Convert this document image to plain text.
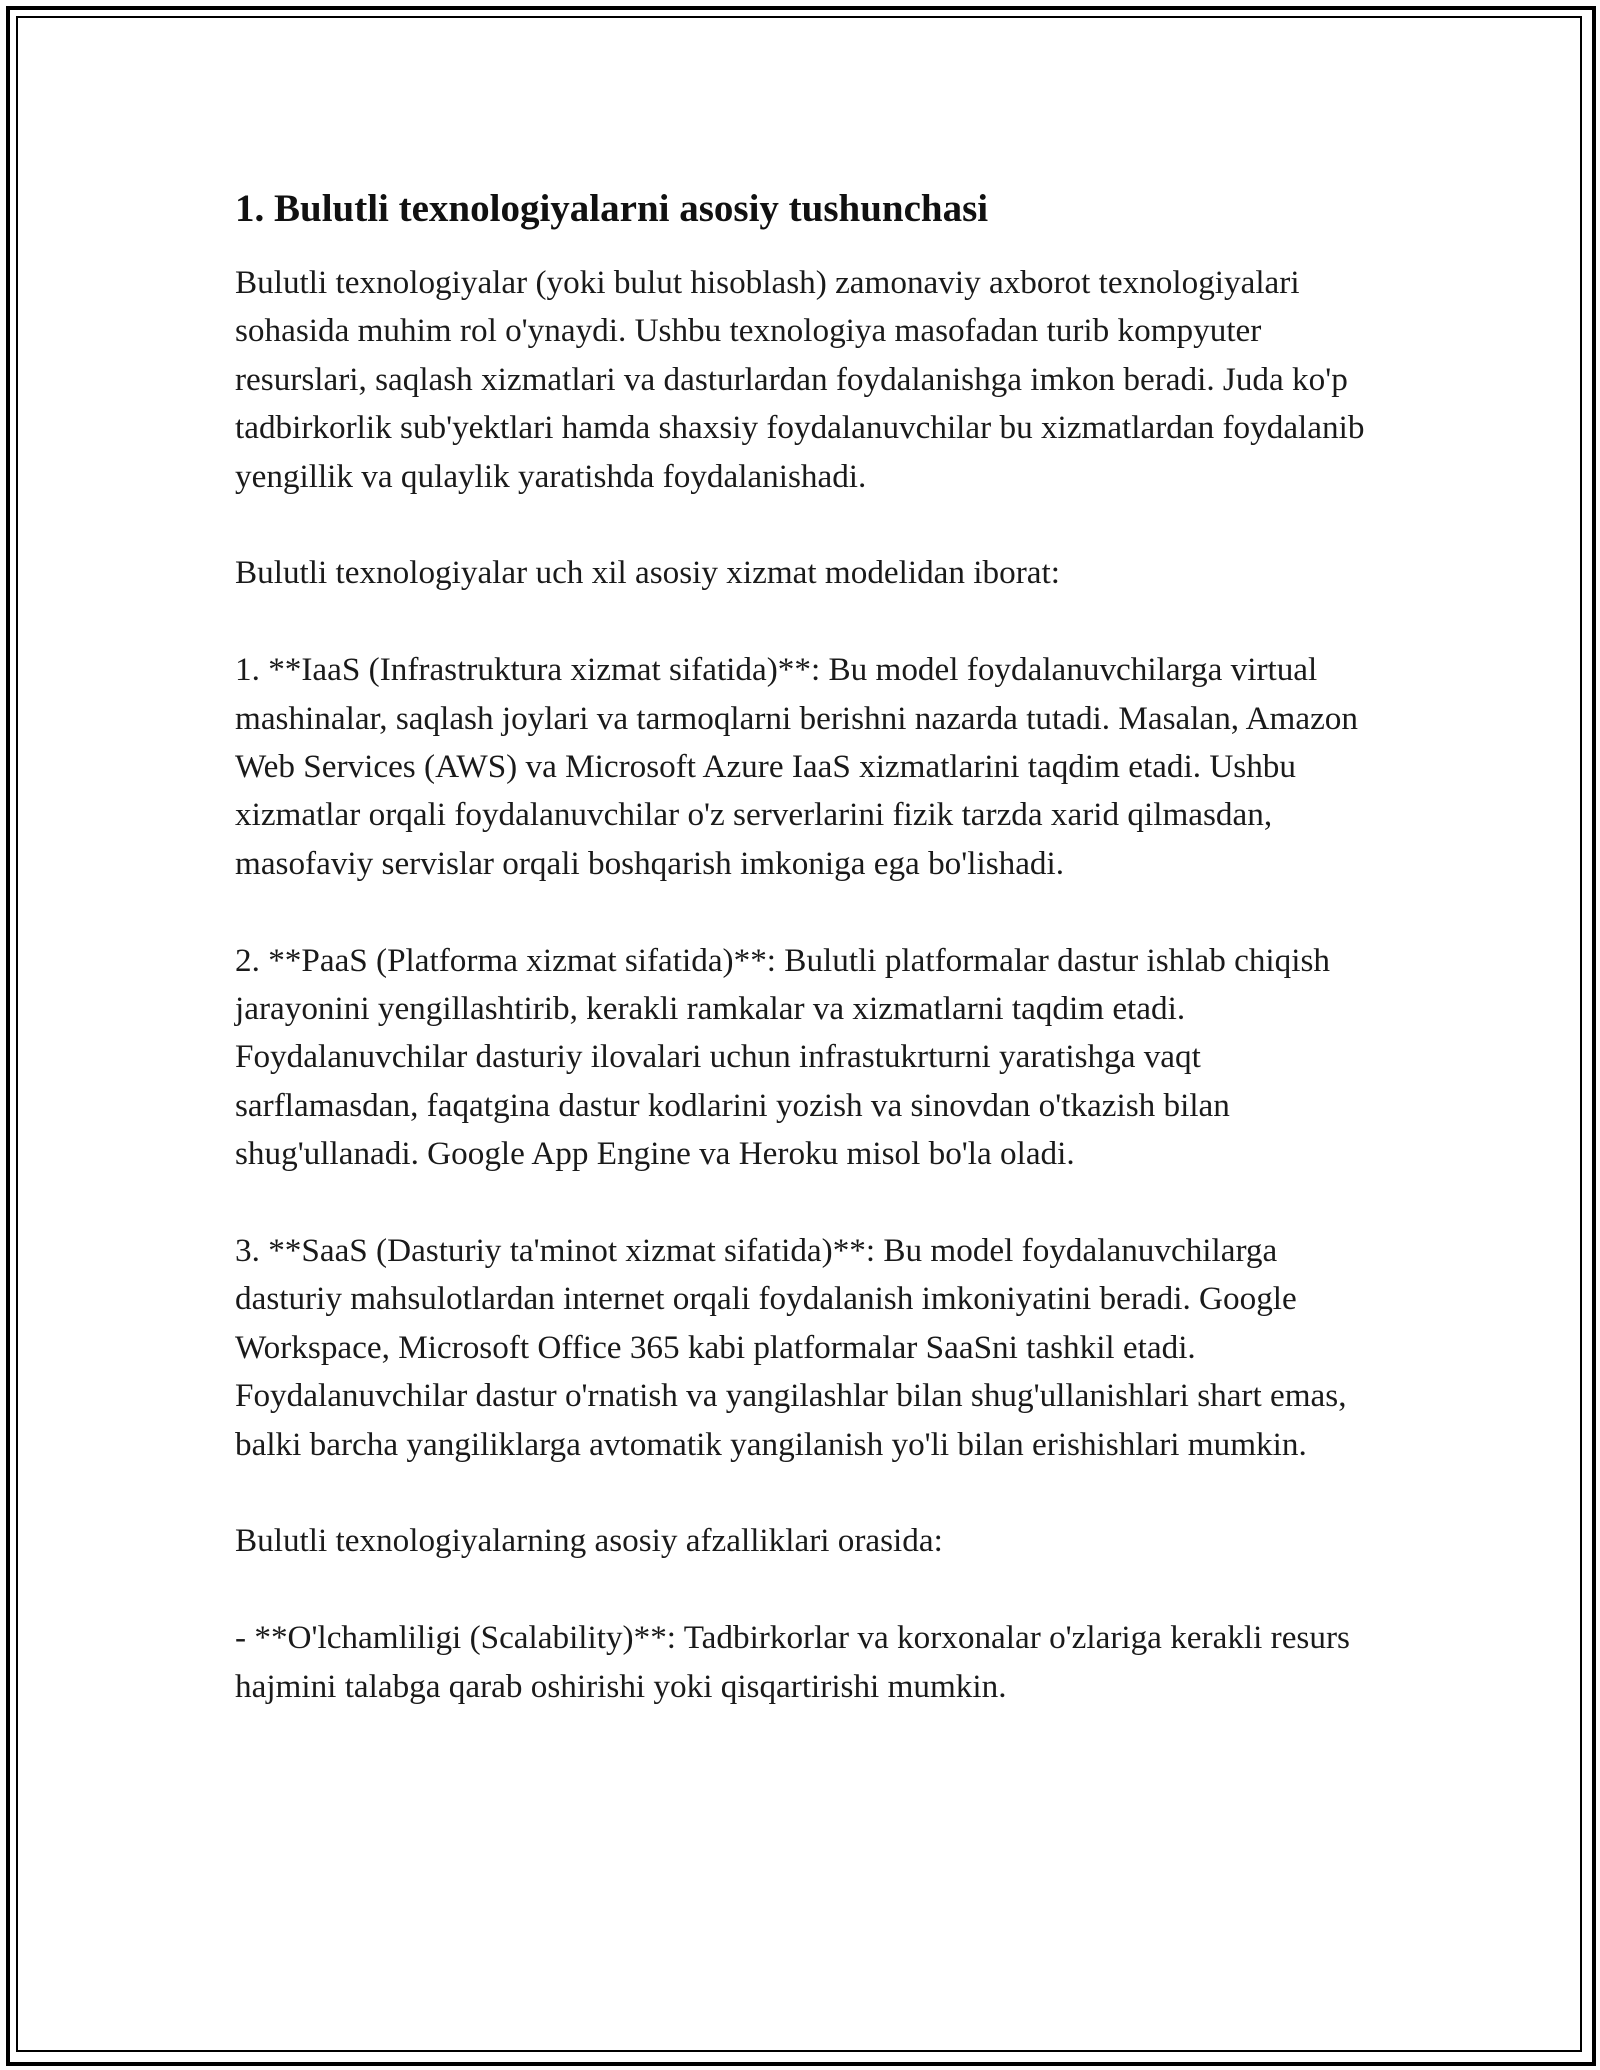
1. Bulutli texnologiyalarni asosiy tushunchasi

Bulutli texnologiyalar (yoki bulut hisoblash) zamonaviy axborot texnologiyalari sohasida muhim rol o'ynaydi. Ushbu texnologiya masofadan turib kompyuter resurslari, saqlash xizmatlari va dasturlardan foydalanishga imkon beradi. Juda ko'p tadbirkorlik sub'yektlari hamda shaxsiy foydalanuvchilar bu xizmatlardan foydalanib yengillik va qulaylik yaratishda foydalanishadi.

Bulutli texnologiyalar uch xil asosiy xizmat modelidan iborat:

1. **IaaS (Infrastruktura xizmat sifatida)**: Bu model foydalanuvchilarga virtual mashinalar, saqlash joylari va tarmoqlarni berishni nazarda tutadi. Masalan, Amazon Web Services (AWS) va Microsoft Azure IaaS xizmatlarini taqdim etadi. Ushbu xizmatlar orqali foydalanuvchilar o'z serverlarini fizik tarzda xarid qilmasdan, masofaviy servislar orqali boshqarish imkoniga ega bo'lishadi.

2. **PaaS (Platforma xizmat sifatida)**: Bulutli platformalar dastur ishlab chiqish jarayonini yengillashtirib, kerakli ramkalar va xizmatlarni taqdim etadi. Foydalanuvchilar dasturiy ilovalari uchun infrastukrturni yaratishga vaqt sarflamasdan, faqatgina dastur kodlarini yozish va sinovdan o'tkazish bilan shug'ullanadi. Google App Engine va Heroku misol bo'la oladi.

3. **SaaS (Dasturiy ta'minot xizmat sifatida)**: Bu model foydalanuvchilarga dasturiy mahsulotlardan internet orqali foydalanish imkoniyatini beradi. Google Workspace, Microsoft Office 365 kabi platformalar SaaSni tashkil etadi. Foydalanuvchilar dastur o'rnatish va yangilashlar bilan shug'ullanishlari shart emas, balki barcha yangiliklarga avtomatik yangilanish yo'li bilan erishishlari mumkin.

Bulutli texnologiyalarning asosiy afzalliklari orasida:

- **O'lchamliligi (Scalability)**: Tadbirkorlar va korxonalar o'zlariga kerakli resurs hajmini talabga qarab oshirishi yoki qisqartirishi mumkin.
